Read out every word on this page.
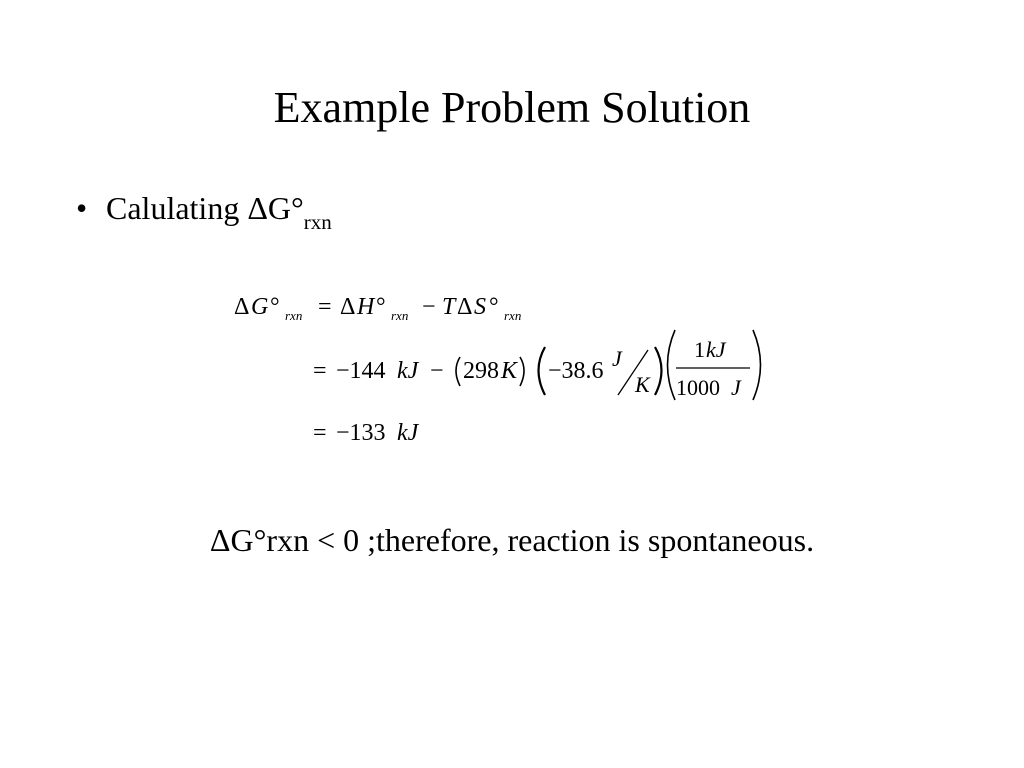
Example Problem Solution
• Calulating $\Delta G^\circ_{rxn}$
Δ G ° rxn = Δ H ° rxn − T Δ S ° rxn
= −144 kJ − 298 K −38.6 J
K
1 kJ
1000 J
= −133 kJ
ΔG°rxn < 0 ;therefore, reaction is spontaneous.
